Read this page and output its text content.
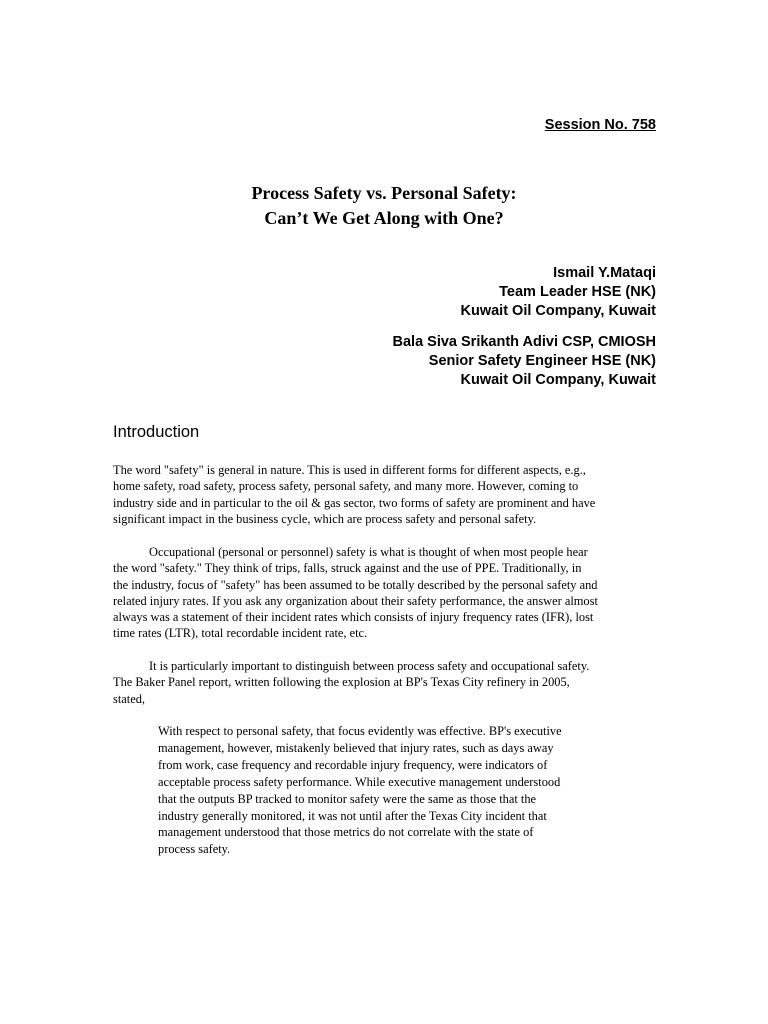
Session No. 758

Process Safety vs. Personal Safety:
Can’t We Get Along with One?
Ismail Y.Mataqi
Team Leader HSE (NK)
Kuwait Oil Company, Kuwait
Bala Siva Srikanth Adivi CSP, CMIOSH
Senior Safety Engineer HSE (NK)
Kuwait Oil Company, Kuwait
Introduction

The word "safety" is general in nature. This is used in different forms for different aspects, e.g.,
home safety, road safety, process safety, personal safety, and many more. However, coming to
industry side and in particular to the oil & gas sector, two forms of safety are prominent and have
significant impact in the business cycle, which are process safety and personal safety.

Occupational (personal or personnel) safety is what is thought of when most people hear
the word "safety." They think of trips, falls, struck against and the use of PPE. Traditionally, in
the industry, focus of "safety" has been assumed to be totally described by the personal safety and
related injury rates. If you ask any organization about their safety performance, the answer almost
always was a statement of their incident rates which consists of injury frequency rates (IFR), lost
time rates (LTR), total recordable incident rate, etc.

It is particularly important to distinguish between process safety and occupational safety.
The Baker Panel report, written following the explosion at BP's Texas City refinery in 2005,
stated,

With respect to personal safety, that focus evidently was effective. BP's executive
management, however, mistakenly believed that injury rates, such as days away
from work, case frequency and recordable injury frequency, were indicators of
acceptable process safety performance. While executive management understood
that the outputs BP tracked to monitor safety were the same as those that the
industry generally monitored, it was not until after the Texas City incident that
management understood that those metrics do not correlate with the state of
process safety.
